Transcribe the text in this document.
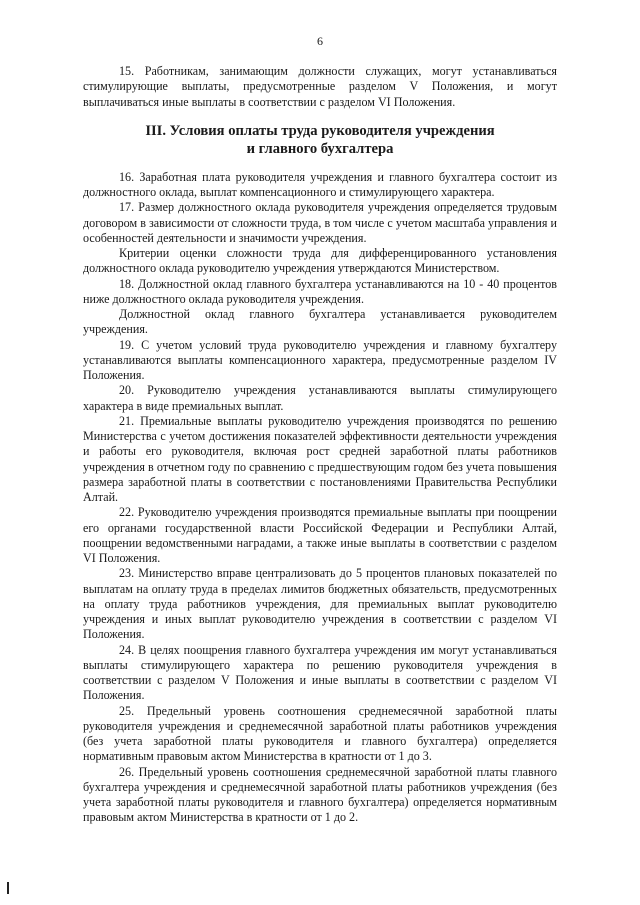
6

15. Работникам, занимающим должности служащих, могут устанавливаться стимулирующие выплаты, предусмотренные разделом V Положения, и могут выплачиваться иные выплаты в соответствии с разделом VI Положения.

III. Условия оплаты труда руководителя учреждения
и главного бухгалтера

16. Заработная плата руководителя учреждения и главного бухгалтера состоит из должностного оклада, выплат компенсационного и стимулирующего характера.

17. Размер должностного оклада руководителя учреждения определяется трудовым договором в зависимости от сложности труда, в том числе с учетом масштаба управления и особенностей деятельности и значимости учреждения.

Критерии оценки сложности труда для дифференцированного установления должностного оклада руководителю учреждения утверждаются Министерством.

18. Должностной оклад главного бухгалтера устанавливаются на 10 - 40 процентов ниже должностного оклада руководителя учреждения.

Должностной оклад главного бухгалтера устанавливается руководителем учреждения.

19. С учетом условий труда руководителю учреждения и главному бухгалтеру устанавливаются выплаты компенсационного характера, предусмотренные разделом IV Положения.

20. Руководителю учреждения устанавливаются выплаты стимулирующего характера в виде премиальных выплат.

21. Премиальные выплаты руководителю учреждения производятся по решению Министерства с учетом достижения показателей эффективности деятельности учреждения и работы его руководителя, включая рост средней заработной платы работников учреждения в отчетном году по сравнению с предшествующим годом без учета повышения размера заработной платы в соответствии с постановлениями Правительства Республики Алтай.

22. Руководителю учреждения производятся премиальные выплаты при поощрении его органами государственной власти Российской Федерации и Республики Алтай, поощрении ведомственными наградами, а также иные выплаты в соответствии с разделом VI Положения.

23. Министерство вправе централизовать до 5 процентов плановых показателей по выплатам на оплату труда в пределах лимитов бюджетных обязательств, предусмотренных на оплату труда работников учреждения, для премиальных выплат руководителю учреждения и иных выплат руководителю учреждения в соответствии с разделом VI Положения.

24. В целях поощрения главного бухгалтера учреждения им могут устанавливаться выплаты стимулирующего характера по решению руководителя учреждения в соответствии с разделом V Положения и иные выплаты в соответствии с разделом VI Положения.

25. Предельный уровень соотношения среднемесячной заработной платы руководителя учреждения и среднемесячной заработной платы работников учреждения (без учета заработной платы руководителя и главного бухгалтера) определяется нормативным правовым актом Министерства в кратности от 1 до 3.

26. Предельный уровень соотношения среднемесячной заработной платы главного бухгалтера учреждения и среднемесячной заработной платы работников учреждения (без учета заработной платы руководителя и главного бухгалтера) определяется нормативным правовым актом Министерства в кратности от 1 до 2.
